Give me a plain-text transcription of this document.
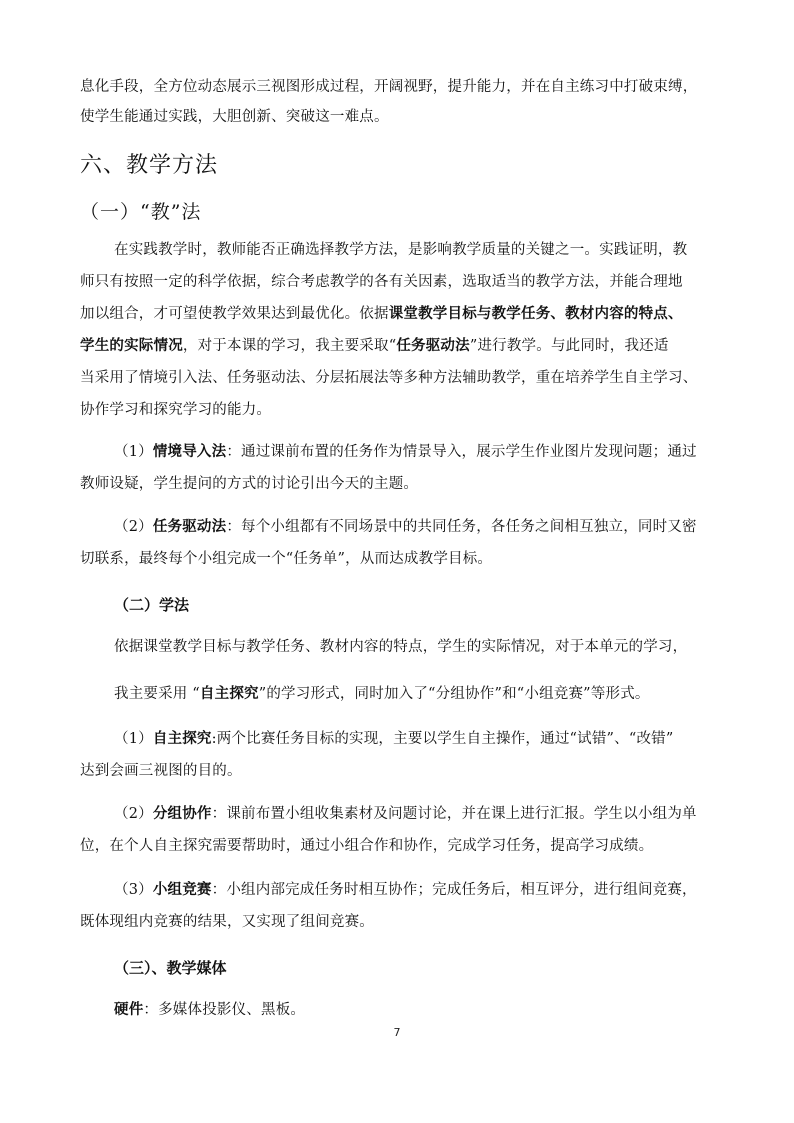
息化手段，全方位动态展示三视图形成过程，开阔视野，提升能力，并在自主练习中打破束缚，
使学生能通过实践，大胆创新、突破这一难点。
六、教学方法
（一）“教”法
在实践教学时，教师能否正确选择教学方法，是影响教学质量的关键之一。实践证明，教
师只有按照一定的科学依据，综合考虑教学的各有关因素，选取适当的教学方法，并能合理地
加以组合，才可望使教学效果达到最优化。依据课堂教学目标与教学任务、教材内容的特点、
学生的实际情况，对于本课的学习，我主要采取“任务驱动法”进行教学。与此同时，我还适
当采用了情境引入法、任务驱动法、分层拓展法等多种方法辅助教学，重在培养学生自主学习、
协作学习和探究学习的能力。
（1）情境导入法：通过课前布置的任务作为情景导入，展示学生作业图片发现问题；通过
教师设疑，学生提问的方式的讨论引出今天的主题。
（2）任务驱动法：每个小组都有不同场景中的共同任务，各任务之间相互独立，同时又密
切联系，最终每个小组完成一个“任务单”，从而达成教学目标。
（二）学法
依据课堂教学目标与教学任务、教材内容的特点，学生的实际情况，对于本单元的学习，
我主要采用 “自主探究”的学习形式，同时加入了“分组协作”和“小组竞赛”等形式。
（1）自主探究:两个比赛任务目标的实现，主要以学生自主操作，通过“试错”、“改错”
达到会画三视图的目的。
（2）分组协作：课前布置小组收集素材及问题讨论，并在课上进行汇报。学生以小组为单
位，在个人自主探究需要帮助时，通过小组合作和协作，完成学习任务，提高学习成绩。
（3）小组竞赛：小组内部完成任务时相互协作；完成任务后，相互评分，进行组间竞赛，
既体现组内竞赛的结果，又实现了组间竞赛。
（三）、教学媒体
硬件：多媒体投影仪、黑板。
7
